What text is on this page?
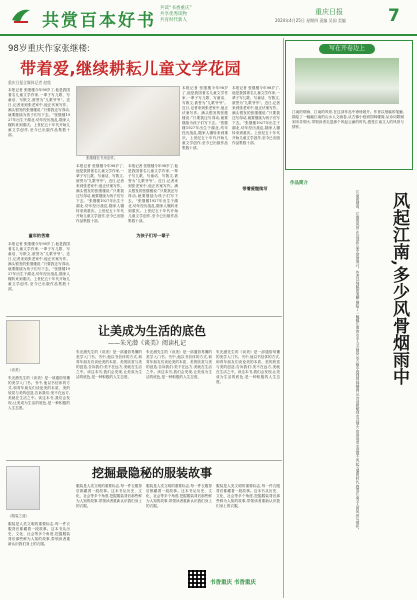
共赏百本好书
共读“书香重庆”
共享优秀读物
共育时代新人
重庆日报
2024年4月25日 星期四 责编 吴国 美编 7
98岁重庆作家张继楼:
带着爱,继续耕耘儿童文学花园
重庆日报全媒体记者 赵欣
本报记者 张继楼今年98岁了,他是我国著名儿童文学作家,一辈子写儿歌、写童话、写散文,被誉为“儿歌爷爷”。近日,记者来到张老家中,他正伏案写作。满头银发的张继楼说:“只要我还写得动,就要继续为孩子们写下去。”张继楼1927年出生于湖北,幼年经历战乱,随家人辗转来到重庆。上世纪五十年代开始儿童文学创作,至今已出版作品集数十部。
童年的苦难
本报记者 张继楼今年98岁了,他是我国著名儿童文学作家,一辈子写儿歌、写童话、写散文,被誉为“儿歌爷爷”。近日,记者来到张老家中,他正伏案写作。满头银发的张继楼说:“只要我还写得动,就要继续为孩子们写下去。”张继楼1927年出生于湖北,幼年经历战乱,随家人辗转来到重庆。上世纪五十年代开始儿童文学创作,至今已出版作品集数十部。
张继楼在书房创作。
本报记者 张继楼今年98岁了,他是我国著名儿童文学作家,一辈子写儿歌、写童话、写散文,被誉为“儿歌爷爷”。近日,记者来到张老家中,他正伏案写作。满头银发的张继楼说:“只要我还写得动,就要继续为孩子们写下去。”张继楼1927年出生于湖北,幼年经历战乱,随家人辗转来到重庆。上世纪五十年代开始儿童文学创作,至今已出版作品集数十部。
为孩子们写一辈子
本报记者 张继楼今年98岁了,他是我国著名儿童文学作家,一辈子写儿歌、写童话、写散文,被誉为“儿歌爷爷”。近日,记者来到张老家中,他正伏案写作。满头银发的张继楼说:“只要我还写得动,就要继续为孩子们写下去。”张继楼1927年出生于湖北,幼年经历战乱,随家人辗转来到重庆。上世纪五十年代开始儿童文学创作,至今已出版作品集数十部。
本报记者 张继楼今年98岁了,他是我国著名儿童文学作家,一辈子写儿歌、写童话、写散文,被誉为“儿歌爷爷”。近日,记者来到张老家中,他正伏案写作。满头银发的张继楼说:“只要我还写得动,就要继续为孩子们写下去。”张继楼1927年出生于湖北,幼年经历战乱,随家人辗转来到重庆。上世纪五十年代开始儿童文学创作,至今已出版作品集数十部。
带着爱继续写
本报记者 张继楼今年98岁了,他是我国著名儿童文学作家,一辈子写儿歌、写童话、写散文,被誉为“儿歌爷爷”。近日,记者来到张老家中,他正伏案写作。满头银发的张继楼说:“只要我还写得动,就要继续为孩子们写下去。”张继楼1927年出生于湖北,幼年经历战乱,随家人辗转来到重庆。上世纪五十年代开始儿童文学创作,至今已出版作品集数十部。
写在开卷边上
江南的烟雨、江南的风骨,在这部作品中徐徐展开。作者以细腻的笔触,描绘了一幅幅江南的山水人文画卷,从古镇小巷到园林楼阁,从诗词歌赋到市井烟火,带领读者走进那个风起云涌的时代,感受江南文人的风骨与情怀。
作品简介
风起江南,多少风骨烟雨中
江南的烟雨、江南的风骨,在这部作品中徐徐展开。作者以细腻的笔触,描绘了一幅幅江南的山水人文画卷,从古镇小巷到园林楼阁,从诗词歌赋到市井烟火,带领读者走进那个风起云涌的时代,感受江南文人的风骨与情怀。
《谈美》
让美成为生活的底色
——朱光潜《谈美》阅读札记
朱光潜先生的《谈美》是一部通俗易懂的美学入门书。书中,他以书信体的方式,和青年朋友们谈论美的本质、美的欣赏与美的创造,告诉我们:美不在远方,美就在生活之中。读这本书,我们会发现,让美成为生活的底色,是一种积极的人生态度。
朱光潜先生的《谈美》是一部通俗易懂的美学入门书。书中,他以书信体的方式,和青年朋友们谈论美的本质、美的欣赏与美的创造,告诉我们:美不在远方,美就在生活之中。读这本书,我们会发现,让美成为生活的底色,是一种积极的人生态度。
朱光潜先生的《谈美》是一部通俗易懂的美学入门书。书中,他以书信体的方式,和青年朋友们谈论美的本质、美的欣赏与美的创造,告诉我们:美不在远方,美就在生活之中。读这本书,我们会发现,让美成为生活的底色,是一种积极的人生态度。
朱光潜先生的《谈美》是一部通俗易懂的美学入门书。书中,他以书信体的方式,和青年朋友们谈论美的本质、美的欣赏与美的创造,告诉我们:美不在远方,美就在生活之中。读这本书,我们会发现,让美成为生活的底色,是一种积极的人生态度。
《服装之谜》
挖掘最隐秘的服装故事
服装是人类文明的重要标志,每一件衣服背后都藏着一段故事。这本书从历史、文化、社会等多个角度,挖掘服装背后那些鲜为人知的故事,带领读者重新认识我们身上的衣服。
服装是人类文明的重要标志,每一件衣服背后都藏着一段故事。这本书从历史、文化、社会等多个角度,挖掘服装背后那些鲜为人知的故事,带领读者重新认识我们身上的衣服。
服装是人类文明的重要标志,每一件衣服背后都藏着一段故事。这本书从历史、文化、社会等多个角度,挖掘服装背后那些鲜为人知的故事,带领读者重新认识我们身上的衣服。
服装是人类文明的重要标志,每一件衣服背后都藏着一段故事。这本书从历史、文化、社会等多个角度,挖掘服装背后那些鲜为人知的故事,带领读者重新认识我们身上的衣服。
书香重庆 书香重庆
